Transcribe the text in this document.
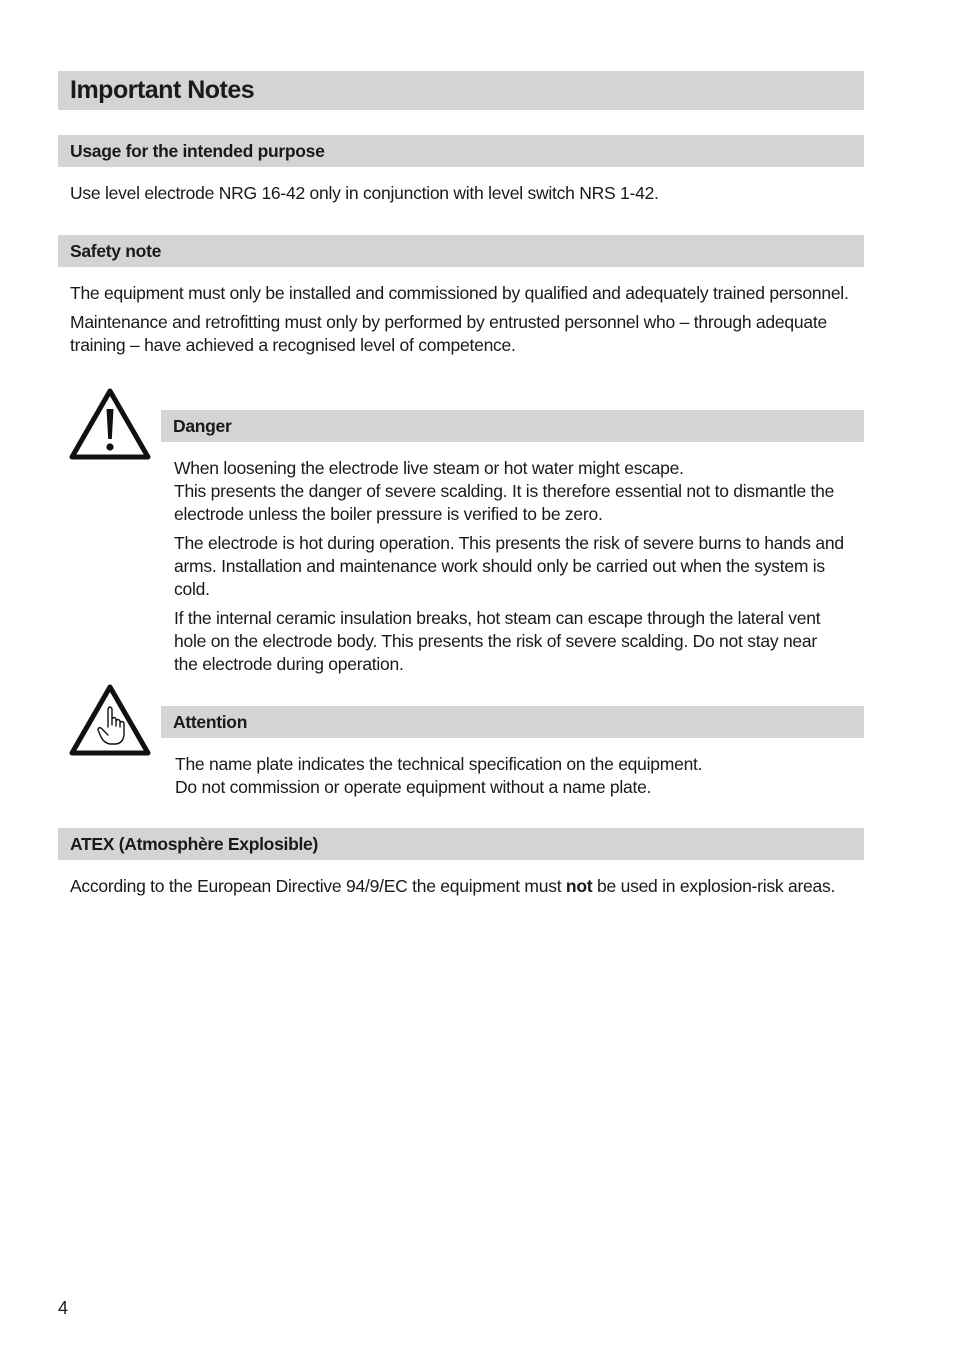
Important Notes
Usage for the intended purpose

Use level electrode NRG 16-42 only in conjunction with level switch NRS 1-42.

Safety note

The equipment must only be installed and commissioned by qualified and adequately trained personnel.

Maintenance and retrofitting must only by performed by entrusted personnel who – through adequate training – have achieved a recognised level of competence.

Danger

When loosening the electrode live steam or hot water might escape.
This presents the danger of severe scalding. It is therefore essential not to dismantle the electrode unless the boiler pressure is verified to be zero.

The electrode is hot during operation. This presents the risk of severe burns to hands and arms. Installation and maintenance work should only be carried out when the system is cold.

If the internal ceramic insulation breaks, hot steam can escape through the lateral vent hole on the electrode body. This presents the risk of severe scalding. Do not stay near the electrode during operation.

Attention

The name plate indicates the technical specification on the equipment.
Do not commission or operate equipment without a name plate.

ATEX (Atmosphère Explosible)

According to the European Directive 94/9/EC the equipment must not be used in explosion-risk areas.

4
